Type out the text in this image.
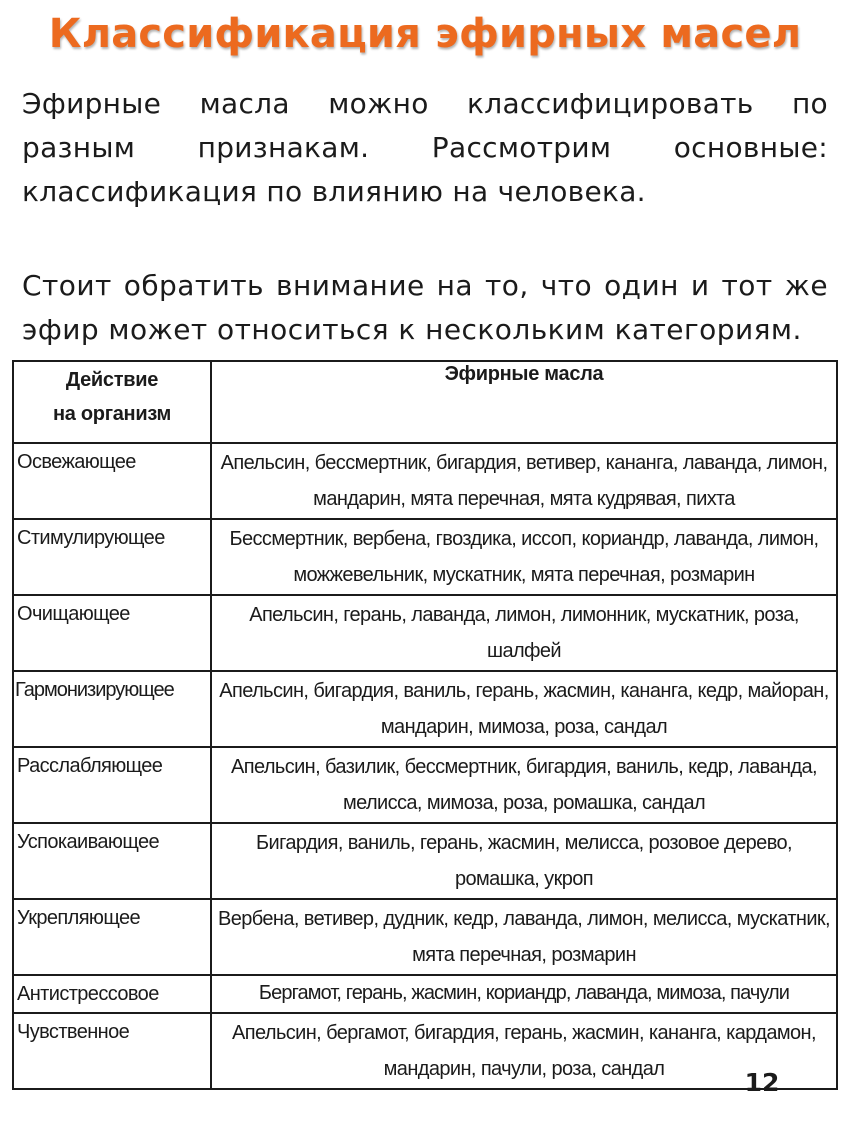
Классификация эфирных масел

Эфирные масла можно классифицировать по разным признакам. Рассмотрим основные: классификация по влиянию на человека.

Стоит обратить внимание на то, что один и тот же эфир может относиться к нескольким категориям.

Действие
на организм	Эфирные масла
Освежающее	Апельсин, бессмертник, бигардия, ветивер, кананга, лаванда, лимон, мандарин, мята перечная, мята кудрявая, пихта
Стимулирующее	Бессмертник, вербена, гвоздика, иссоп, кориандр, лаванда, лимон, можжевельник, мускатник, мята перечная, розмарин
Очищающее	Апельсин, герань, лаванда, лимон, лимонник, мускатник, роза, шалфей
Гармонизирующее	Апельсин, бигардия, ваниль, герань, жасмин, кананга, кедр, майоран, мандарин, мимоза, роза, сандал
Расслабляющее	Апельсин, базилик, бессмертник, бигардия, ваниль, кедр, лаванда, мелисса, мимоза, роза, ромашка, сандал
Успокаивающее	Бигардия, ваниль, герань, жасмин, мелисса, розовое дерево, ромашка, укроп
Укрепляющее	Вербена, ветивер, дудник, кедр, лаванда, лимон, мелисса, мускатник, мята перечная, розмарин
Антистрессовое	Бергамот, герань, жасмин, кориандр, лаванда, мимоза, пачули
Чувственное	Апельсин, бергамот, бигардия, герань, жасмин, кананга, кардамон, мандарин, пачули, роза, сандал	12
